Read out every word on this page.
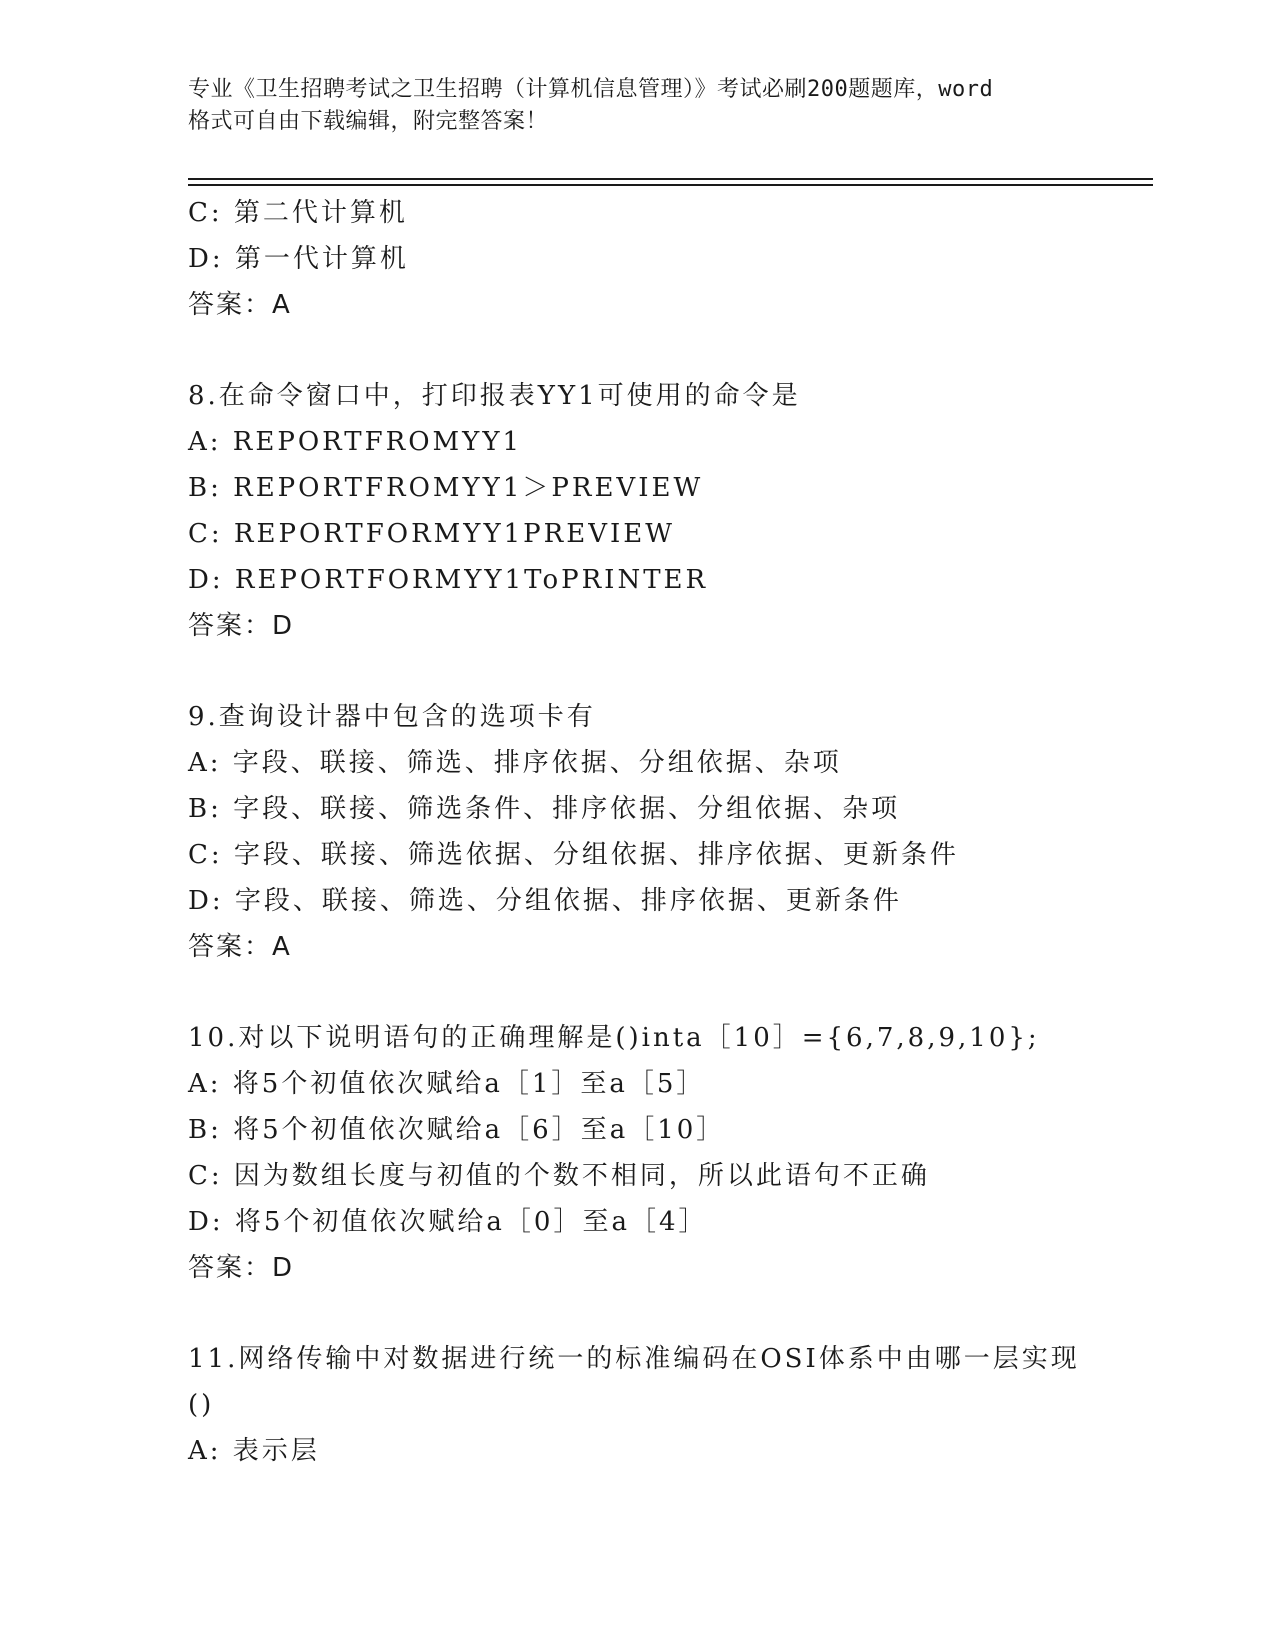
专业《卫生招聘考试之卫生招聘（计算机信息管理）》考试必刷200题题库，word
格式可自由下载编辑，附完整答案！
C: 第二代计算机
D: 第一代计算机
答案：A
8.在命令窗口中，打印报表YY1可使用的命令是
A: REPORTFROMYY1
B: REPORTFROMYY1＞PREVIEW
C: REPORTFORMYY1PREVIEW
D: REPORTFORMYY1ToPRINTER
答案：D
9.查询设计器中包含的选项卡有
A: 字段、联接、筛选、排序依据、分组依据、杂项
B: 字段、联接、筛选条件、排序依据、分组依据、杂项
C: 字段、联接、筛选依据、分组依据、排序依据、更新条件
D: 字段、联接、筛选、分组依据、排序依据、更新条件
答案：A
10.对以下说明语句的正确理解是()inta［10］={6,7,8,9,10};
A: 将5个初值依次赋给a［1］至a［5］
B: 将5个初值依次赋给a［6］至a［10］
C: 因为数组长度与初值的个数不相同，所以此语句不正确
D: 将5个初值依次赋给a［0］至a［4］
答案：D
11.网络传输中对数据进行统一的标准编码在OSI体系中由哪一层实现
()
A: 表示层
